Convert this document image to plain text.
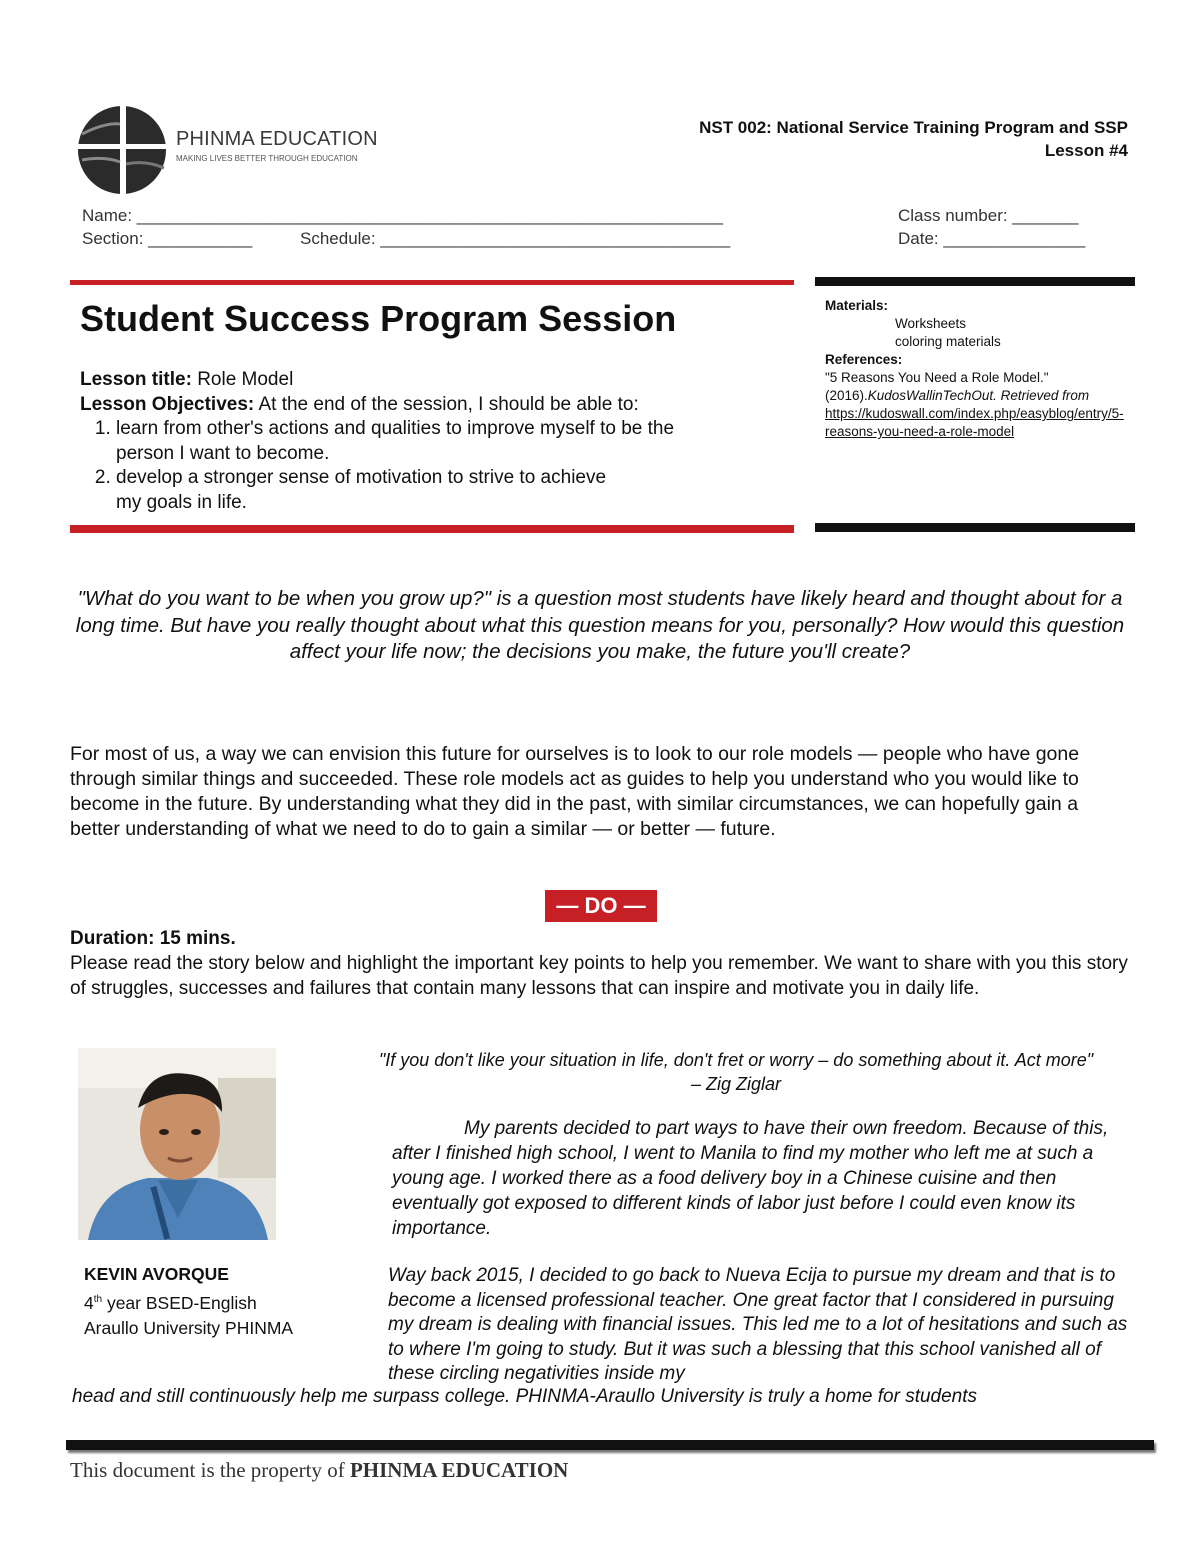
PHINMA EDUCATION
MAKING LIVES BETTER THROUGH EDUCATION
NST 002: National Service Training Program and SSP
Lesson #4
Name: ______________________________________________________________	Class number: _______
Section: ___________	Schedule: _____________________________________	Date: _______________
Student Success Program Session
Lesson title: Role Model
Lesson Objectives: At the end of the session, I should be able to:
1. learn from other's actions and qualities to improve myself to be the person I want to become.
2. develop a stronger sense of motivation to strive to achieve my goals in life.
Materials:
Worksheets
coloring materials
References:
"5 Reasons You Need a Role Model." (2016).KudosWallinTechOut. Retrieved from
https://kudoswall.com/index.php/easyblog/entry/5-reasons-you-need-a-role-model
"What do you want to be when you grow up?" is a question most students have likely heard and thought about for a long time. But have you really thought about what this question means for you, personally? How would this question affect your life now; the decisions you make, the future you'll create?
For most of us, a way we can envision this future for ourselves is to look to our role models — people who have gone through similar things and succeeded. These role models act as guides to help you understand who you would like to become in the future. By understanding what they did in the past, with similar circumstances, we can hopefully gain a better understanding of what we need to do to gain a similar — or better — future.
— DO —
Duration: 15 mins.
Please read the story below and highlight the important key points to help you remember. We want to share with you this story of struggles, successes and failures that contain many lessons that can inspire and motivate you in daily life.
KEVIN AVORQUE
4th year BSED-English
Araullo University PHINMA
"If you don't like your situation in life, don't fret or worry – do something about it. Act more"
– Zig Ziglar
My parents decided to part ways to have their own freedom. Because of this, after I finished high school, I went to Manila to find my mother who left me at such a young age. I worked there as a food delivery boy in a Chinese cuisine and then eventually got exposed to different kinds of labor just before I could even know its importance.
Way back 2015, I decided to go back to Nueva Ecija to pursue my dream and that is to become a licensed professional teacher. One great factor that I considered in pursuing my dream is dealing with financial issues. This led me to a lot of hesitations and such as to where I'm going to study. But it was such a blessing that this school vanished all of these circling negativities inside my
head and still continuously help me surpass college. PHINMA-Araullo University is truly a home for students
This document is the property of PHINMA EDUCATION
